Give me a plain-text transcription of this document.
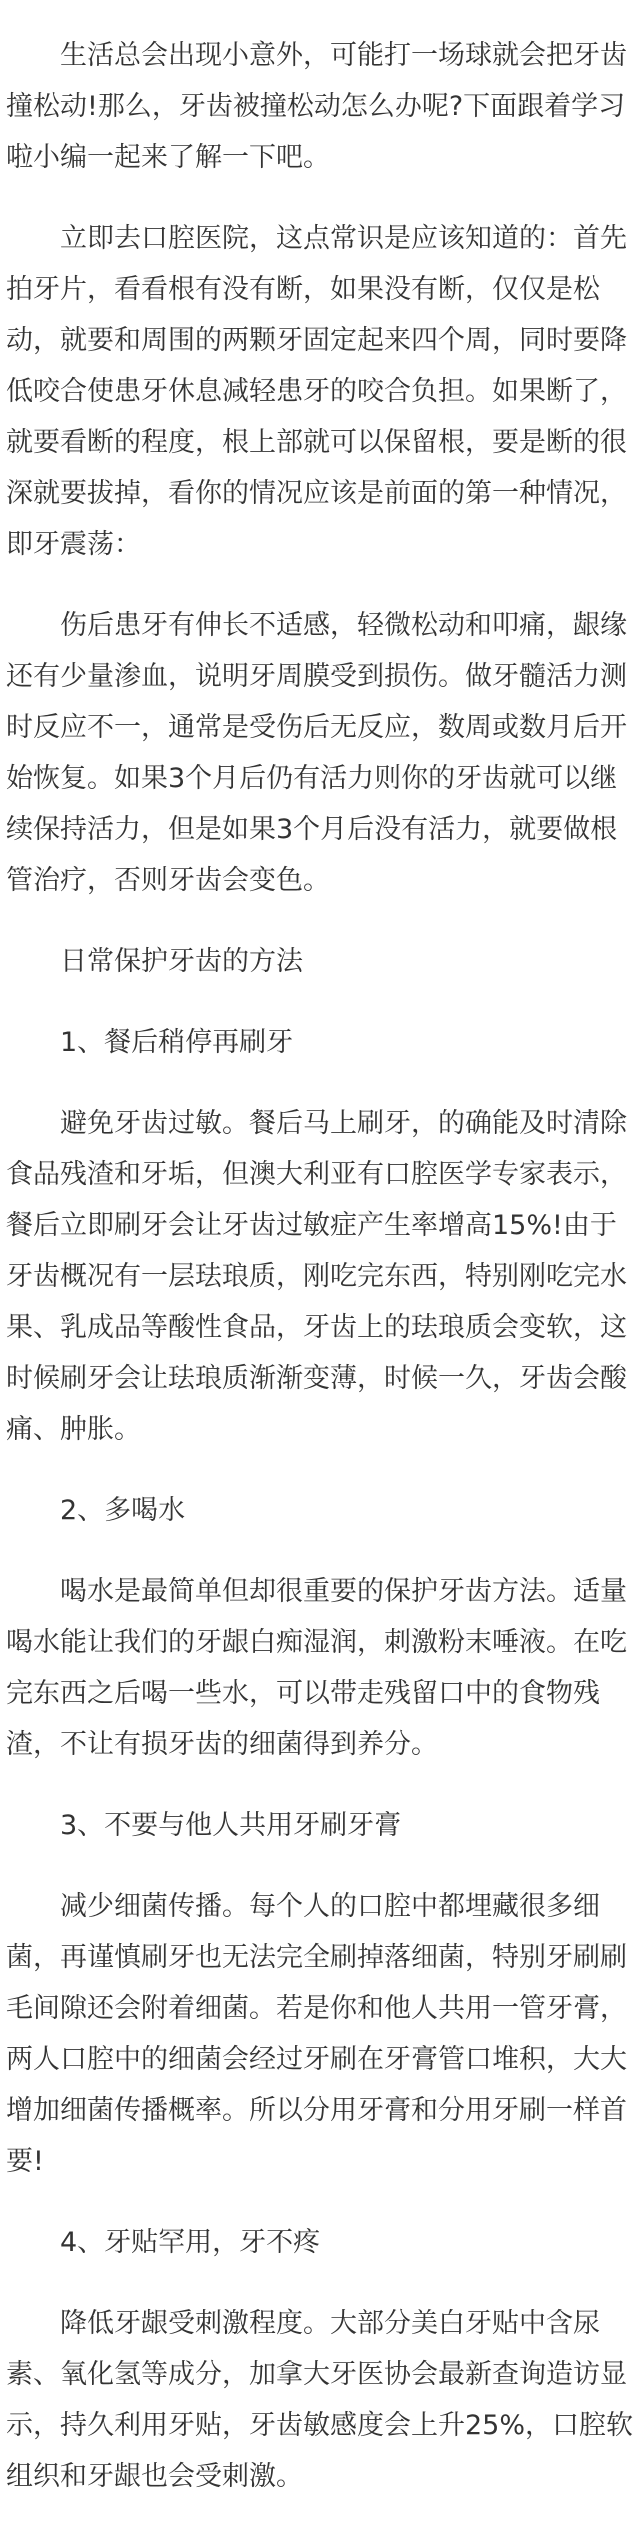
生活总会出现小意外，可能打一场球就会把牙齿撞松动!那么，牙齿被撞松动怎么办呢?下面跟着学习啦小编一起来了解一下吧。

立即去口腔医院，这点常识是应该知道的：首先拍牙片，看看根有没有断，如果没有断，仅仅是松动，就要和周围的两颗牙固定起来四个周，同时要降低咬合使患牙休息减轻患牙的咬合负担。如果断了，就要看断的程度，根上部就可以保留根，要是断的很深就要拔掉，看你的情况应该是前面的第一种情况，即牙震荡：

伤后患牙有伸长不适感，轻微松动和叩痛，龈缘还有少量渗血，说明牙周膜受到损伤。做牙髓活力测时反应不一，通常是受伤后无反应，数周或数月后开始恢复。如果3个月后仍有活力则你的牙齿就可以继续保持活力，但是如果3个月后没有活力，就要做根管治疗，否则牙齿会变色。

日常保护牙齿的方法

1、餐后稍停再刷牙

避免牙齿过敏。餐后马上刷牙，的确能及时清除食品残渣和牙垢，但澳大利亚有口腔医学专家表示，餐后立即刷牙会让牙齿过敏症产生率增高15%!由于牙齿概况有一层珐琅质，刚吃完东西，特别刚吃完水果、乳成品等酸性食品，牙齿上的珐琅质会变软，这时候刷牙会让珐琅质渐渐变薄，时候一久，牙齿会酸痛、肿胀。

2、多喝水

喝水是最简单但却很重要的保护牙齿方法。适量喝水能让我们的牙龈白痴湿润，刺激粉末唾液。在吃完东西之后喝一些水，可以带走残留口中的食物残渣，不让有损牙齿的细菌得到养分。

3、不要与他人共用牙刷牙膏

减少细菌传播。每个人的口腔中都埋藏很多细菌，再谨慎刷牙也无法完全刷掉落细菌，特别牙刷刷毛间隙还会附着细菌。若是你和他人共用一管牙膏，两人口腔中的细菌会经过牙刷在牙膏管口堆积，大大增加细菌传播概率。所以分用牙膏和分用牙刷一样首要!

4、牙贴罕用，牙不疼

降低牙龈受刺激程度。大部分美白牙贴中含尿素、氧化氢等成分，加拿大牙医协会最新查询造访显示，持久利用牙贴，牙齿敏感度会上升25%，口腔软组织和牙龈也会受刺激。
